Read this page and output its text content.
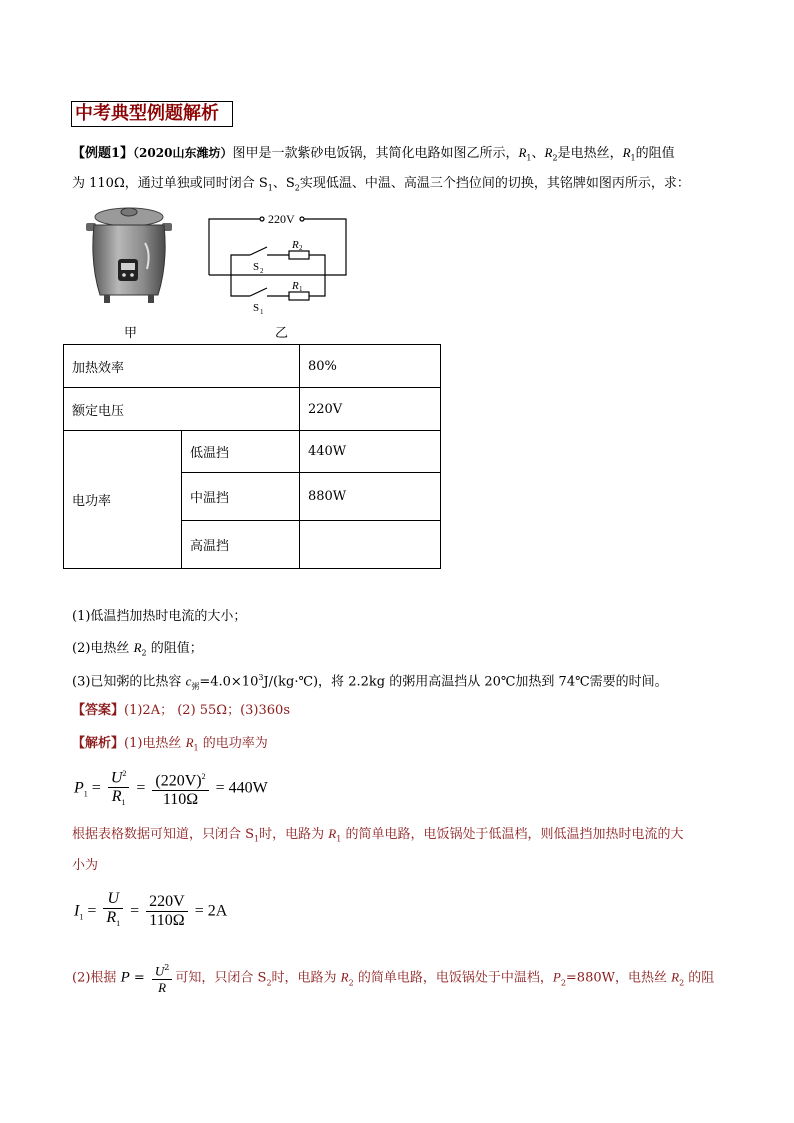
中考典型例题解析
【例题1】（2020山东潍坊）图甲是一款紫砂电饭锅，其简化电路如图乙所示，$R_1$、$R_2$是电热丝，$R_1$的阻值
为 110Ω，通过单独或同时闭合 $S_1$、$S_2$实现低温、中温、高温三个挡位间的切换，其铭牌如图丙所示，求：
甲
220V
S 2
R 2
S 1
R 1
乙
加热效率		80%
额定电压		220V
电功率	低温挡	440W
	中温挡	880W
	高温挡	
(1)低温挡加热时电流的大小；
(2)电热丝 $R_2$ 的阻值；
(3)已知粥的比热容 $c_粥=4.0\times 10^3J/(kg\cdot℃)$，将 2.2kg 的粥用高温挡从 20℃加热到 74℃需要的时间。
【答案】(1)2A； (2) 55Ω；(3)360s
【解析】(1)电热丝 $R_1$ 的电功率为
$P_1 = \frac{U^2}{R_1} = \frac{(220V)^2}{110\Omega} = 440W$
根据表格数据可知道，只闭合 $S_1$时，电路为 $R_1$ 的简单电路，电饭锅处于低温档，则低温挡加热时电流的大
小为
$I_1 = \frac{U}{R_1} = \frac{220V}{110\Omega} = 2A$
(2)根据 $P = \frac{U^2}{R}$ 可知，只闭合 $S_2$时，电路为 $R_2$ 的简单电路，电饭锅处于中温档，$P_2=880W$，电热丝 $R_2$ 的阻
